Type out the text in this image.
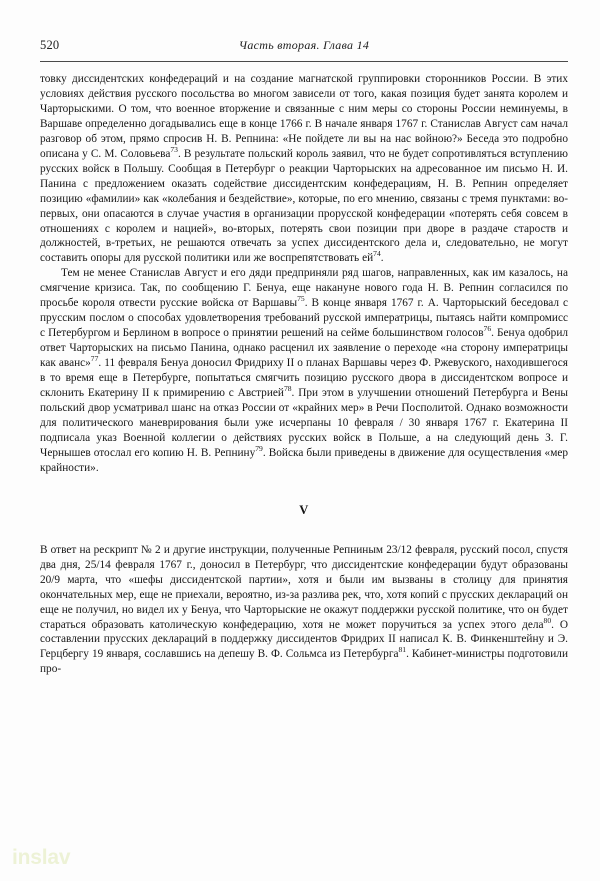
520	Часть вторая. Глава 14

товку диссидентских конфедераций и на создание магнатской группировки сторонников России. В этих условиях действия русского посольства во многом зависели от того, какая позиция будет занята королем и Чарторыскими. О том, что военное вторжение и связанные с ним меры со стороны России неминуемы, в Варшаве определенно догадывались еще в конце 1766 г. В начале января 1767 г. Станислав Август сам начал разговор об этом, прямо спросив Н. В. Репнина: «Не пойдете ли вы на нас войною?» Беседа это подробно описана у С. М. Соловьева$^{73}$. В результате польский король заявил, что не будет сопротивляться вступлению русских войск в Польшу. Сообщая в Петербург о реакции Чарторыских на адресованное им письмо Н. И. Панина с предложением оказать содействие диссидентским конфедерациям, Н. В. Репнин определяет позицию «фамилии» как «колебания и бездействие», которые, по его мнению, связаны с тремя пунктами: во-первых, они опасаются в случае участия в организации прорусской конфедерации «потерять себя совсем в отношениях с королем и нацией», во-вторых, потерять свои позиции при дворе в раздаче староств и должностей, в-третьих, не решаются отвечать за успех диссидентского дела и, следовательно, не могут составить опоры для русской политики или же воспрепятствовать $ей^{74}$.

Тем не менее Станислав Август и его дяди предприняли ряд шагов, направленных, как им казалось, на смягчение кризиса. Так, по сообщению Г. Бенуа, еще накануне нового года Н. В. Репнин согласился по просьбе короля отвести русские войска от Варшавы$^{75}$. В конце января 1767 г. А. Чарторыский беседовал с прусским послом о способах удовлетворения требований русской императрицы, пытаясь найти компромисс с Петербургом и Берлином в вопросе о принятии решений на сейме большинством голосов$^{76}$. Бенуа одобрил ответ Чарторыских на письмо Панина, однако расценил их заявление о переходе «на сторону императрицы как аванс»$^{77}$. 11 февраля Бенуа доносил Фридриху II о планах Варшавы через Ф. Ржевуского, находившегося в то время еще в Петербурге, попытаться смягчить позицию русского двора в диссидентском вопросе и склонить Екатерину II к примирению с Австрией$^{78}$. При этом в улучшении отношений Петербурга и Вены польский двор усматривал шанс на отказ России от «крайних мер» в Речи Посполитой. Однако возможности для политического маневрирования были уже исчерпаны 10 февраля / 30 января 1767 г. Екатерина II подписала указ Военной коллегии о действиях русских войск в Польше, а на следующий день З. Г. Чернышев отослал его копию Н. В. Репнину$^{79}$. Войска были приведены в движение для осуществления «мер крайности».

V

В ответ на рескрипт № 2 и другие инструкции, полученные Репниным 23/12 февраля, русский посол, спустя два дня, 25/14 февраля 1767 г., доносил в Петербург, что диссидентские конфедерации будут образованы 20/9 марта, что «шефы диссидентской партии», хотя и были им вызваны в столицу для принятия окончательных мер, еще не приехали, вероятно, из-за разлива рек, что, хотя копий с прусских деклараций он еще не получил, но видел их у Бенуа, что Чарторыские не окажут поддержки русской политике, что он будет стараться образовать католическую конфедерацию, хотя не может поручиться за успех этого дела$^{80}$. О составлении прусских деклараций в поддержку диссидентов Фридрих II написал К. В. Финкенштейну и Э. Герцбергу 19 января, сославшись на депешу В. Ф. Сольмса из Петербурга$^{81}$. Кабинет-министры подготовили про-

inslav
